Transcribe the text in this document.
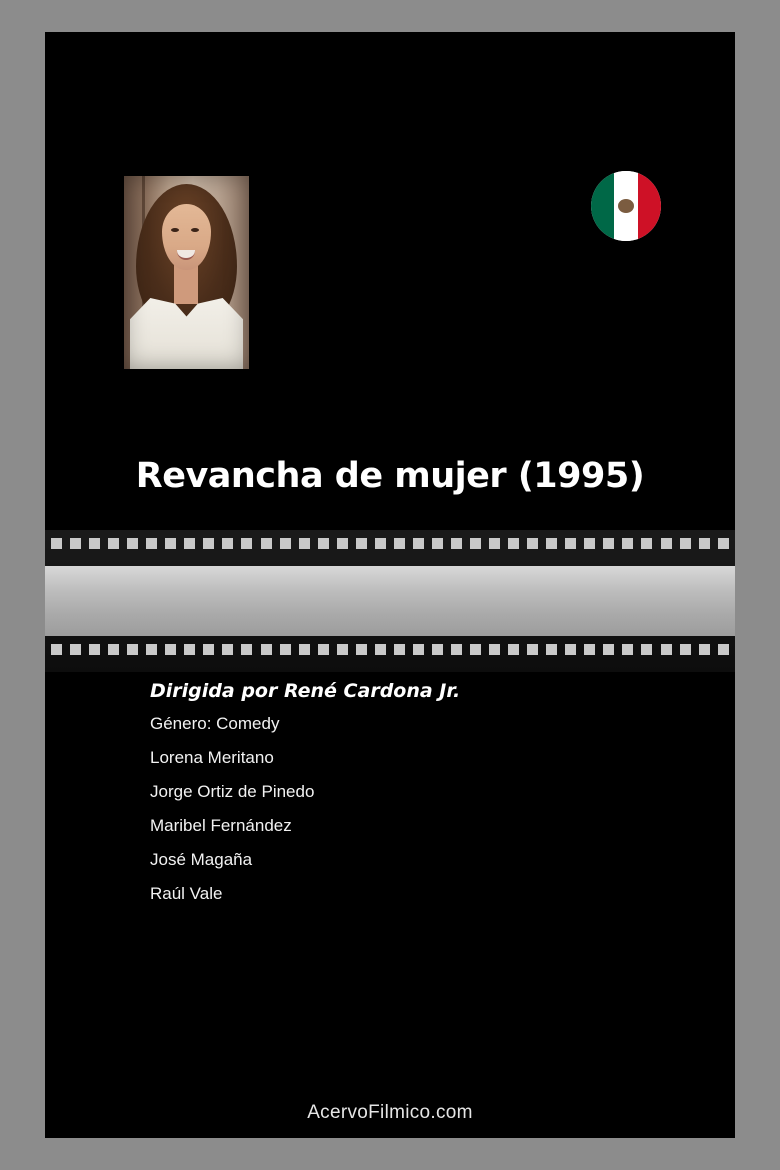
Revancha de mujer (1995)
Dirigida por René Cardona Jr.
Género: Comedy
Lorena Meritano
Jorge Ortiz de Pinedo
Maribel Fernández
José Magaña
Raúl Vale
AcervoFilmico.com
